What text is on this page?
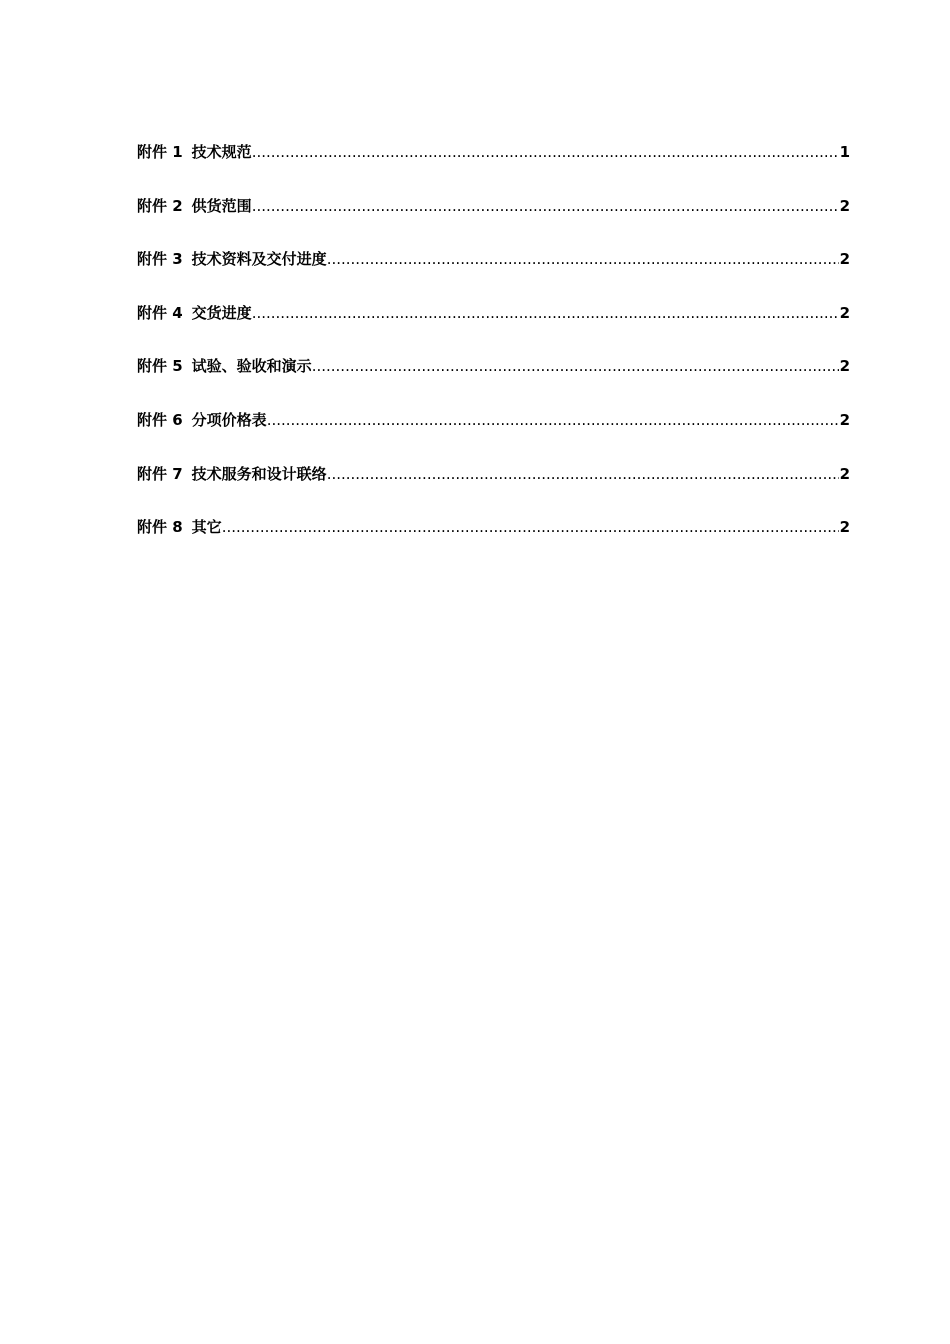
附件 1 技术规范 .....	1
附件 2 供货范围 .....	2
附件 3 技术资料及交付进度 .....	2
附件 4 交货进度 .....	2
附件 5 试验、验收和演示 .....	2
附件 6 分项价格表 .....	2
附件 7 技术服务和设计联络 .....	2
附件 8 其它 .....	2
